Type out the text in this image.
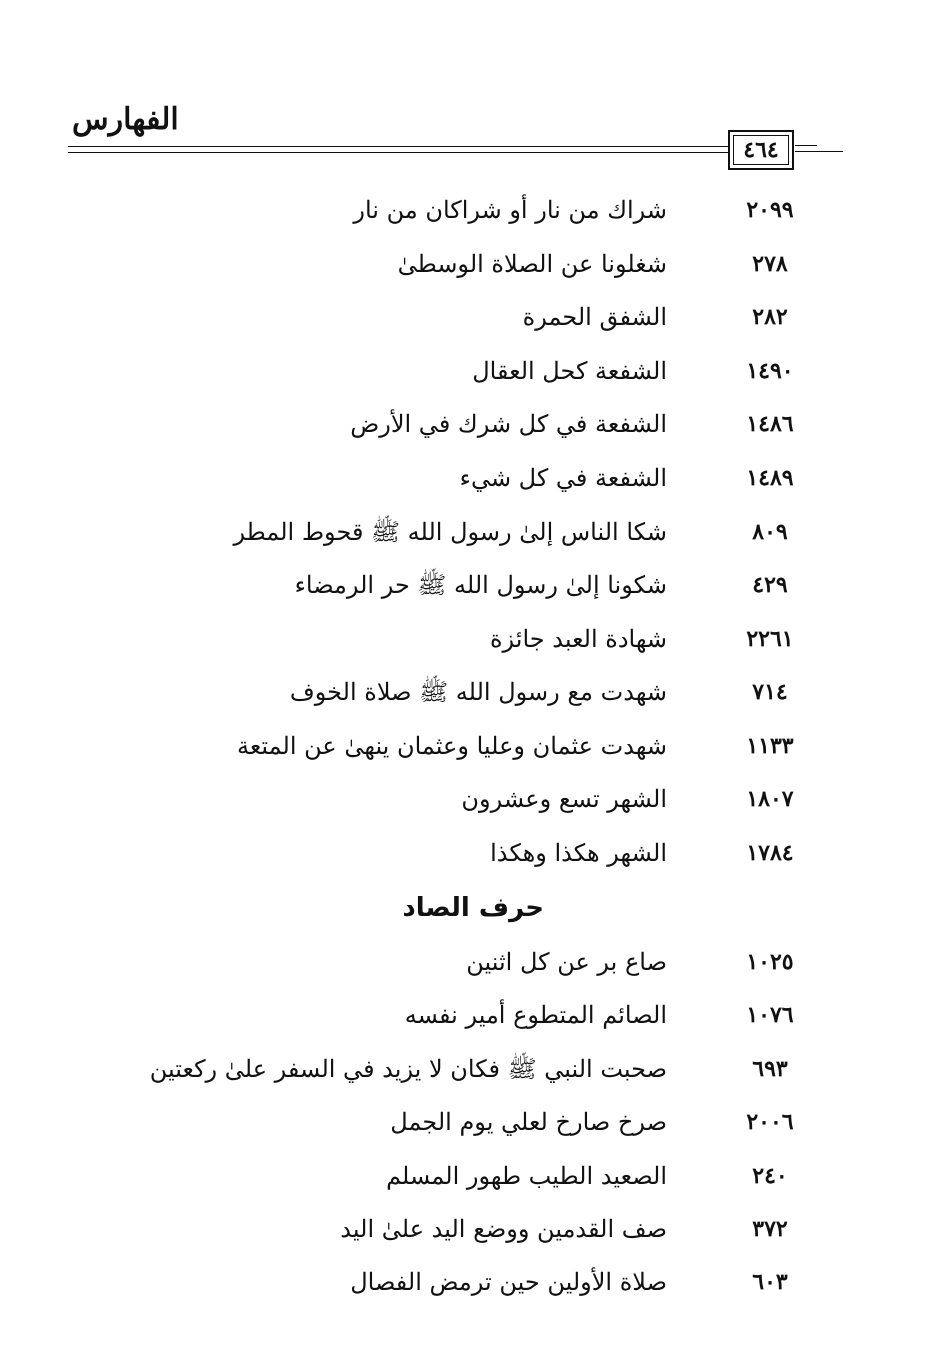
الفهارس
٤٦٤
٢٠٩٩
شراك من نار أو شراكان من نار
٢٧٨
شغلونا عن الصلاة الوسطىٰ
٢٨٢
الشفق الحمرة
١٤٩٠
الشفعة كحل العقال
١٤٨٦
الشفعة في كل شرك في الأرض
١٤٨٩
الشفعة في كل شيء
٨٠٩
شكا الناس إلىٰ رسول الله ﷺ قحوط المطر
٤٢٩
شكونا إلىٰ رسول الله ﷺ حر الرمضاء
٢٢٦١
شهادة العبد جائزة
٧١٤
شهدت مع رسول الله ﷺ صلاة الخوف
١١٣٣
شهدت عثمان وعليا وعثمان ينهىٰ عن المتعة
١٨٠٧
الشهر تسع وعشرون
١٧٨٤
الشهر هكذا وهكذا
حرف الصاد
١٠٢٥
صاع بر عن كل اثنين
١٠٧٦
الصائم المتطوع أمير نفسه
٦٩٣
صحبت النبي ﷺ فكان لا يزيد في السفر علىٰ ركعتين
٢٠٠٦
صرخ صارخ لعلي يوم الجمل
٢٤٠
الصعيد الطيب طهور المسلم
٣٧٢
صف القدمين ووضع اليد علىٰ اليد
٦٠٣
صلاة الأولين حين ترمض الفصال
